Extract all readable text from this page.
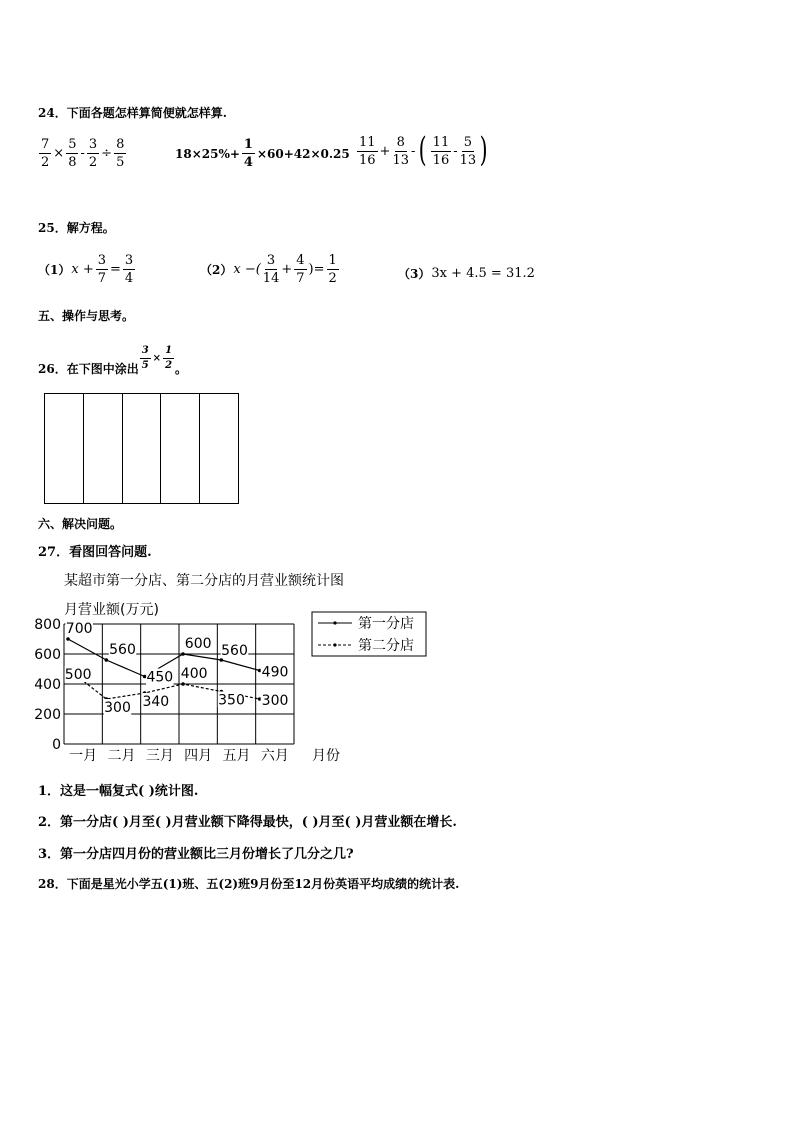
24．下面各题怎样算简便就怎样算.
$\frac{7}{2} \times \frac{5}{8} - \frac{3}{2} \div \frac{8}{5}$	$18\times 25\%+ \frac{1}{4} \times 60+42\times 0.25 \frac{11}{16} + \frac{8}{13}$ - ( $\frac{11}{16} - \frac{5}{13}$ )
25．解方程。
（1） $x + \frac{3}{7} = \frac{3}{4}$	（2） x −( $\frac{3}{14} + \frac{4}{7}$ )= $\frac{1}{2}$	（3） 3x + 4.5 = 31.2
五、操作与思考。
26．在下图中涂出 $\frac{3}{5} \times \frac{1}{2}$ 。
六、解决问题。
27．看图回答问题.
某超市第一分店、第二分店的月营业额统计图
月营业额(万元)
0
200
400
600
800
一月 二月 三月 四月 五月 六月 月份
700
560
450
600 560
490
500
300 340
400
350 300
第一分店
第二分店
1．这是一幅复式( )统计图.
2．第一分店( )月至( )月营业额下降得最快，( )月至( )月营业额在增长.
3．第一分店四月份的营业额比三月份增长了几分之几?
28．下面是星光小学五(1)班、五(2)班9月份至12月份英语平均成绩的统计表.
